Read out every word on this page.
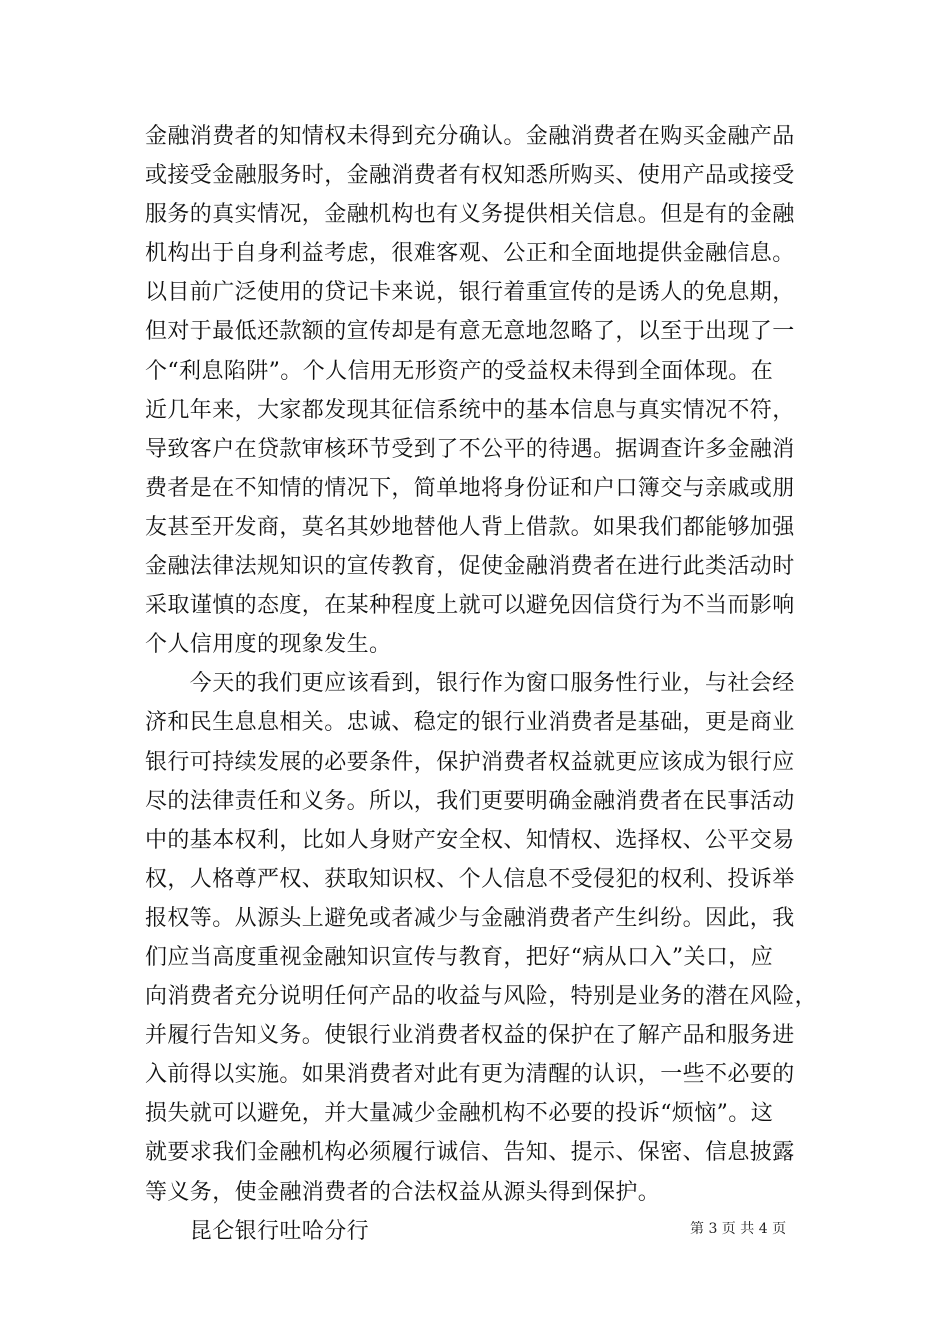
金融消费者的知情权未得到充分确认。金融消费者在购买金融产品
或接受金融服务时，金融消费者有权知悉所购买、使用产品或接受
服务的真实情况，金融机构也有义务提供相关信息。但是有的金融
机构出于自身利益考虑，很难客观、公正和全面地提供金融信息。
以目前广泛使用的贷记卡来说，银行着重宣传的是诱人的免息期，
但对于最低还款额的宣传却是有意无意地忽略了，以至于出现了一
个“利息陷阱”。个人信用无形资产的受益权未得到全面体现。在
近几年来，大家都发现其征信系统中的基本信息与真实情况不符，
导致客户在贷款审核环节受到了不公平的待遇。据调查许多金融消
费者是在不知情的情况下，简单地将身份证和户口簿交与亲戚或朋
友甚至开发商，莫名其妙地替他人背上借款。如果我们都能够加强
金融法律法规知识的宣传教育，促使金融消费者在进行此类活动时
采取谨慎的态度，在某种程度上就可以避免因信贷行为不当而影响
个人信用度的现象发生。
　　今天的我们更应该看到，银行作为窗口服务性行业，与社会经
济和民生息息相关。忠诚、稳定的银行业消费者是基础，更是商业
银行可持续发展的必要条件，保护消费者权益就更应该成为银行应
尽的法律责任和义务。所以，我们更要明确金融消费者在民事活动
中的基本权利，比如人身财产安全权、知情权、选择权、公平交易
权，人格尊严权、获取知识权、个人信息不受侵犯的权利、投诉举
报权等。从源头上避免或者减少与金融消费者产生纠纷。因此，我
们应当高度重视金融知识宣传与教育，把好“病从口入”关口，应
向消费者充分说明任何产品的收益与风险，特别是业务的潜在风险，
并履行告知义务。使银行业消费者权益的保护在了解产品和服务进
入前得以实施。如果消费者对此有更为清醒的认识，一些不必要的
损失就可以避免，并大量减少金融机构不必要的投诉“烦恼”。这
就要求我们金融机构必须履行诚信、告知、提示、保密、信息披露
等义务，使金融消费者的合法权益从源头得到保护。
　　昆仑银行吐哈分行	第 3 页 共 4 页
